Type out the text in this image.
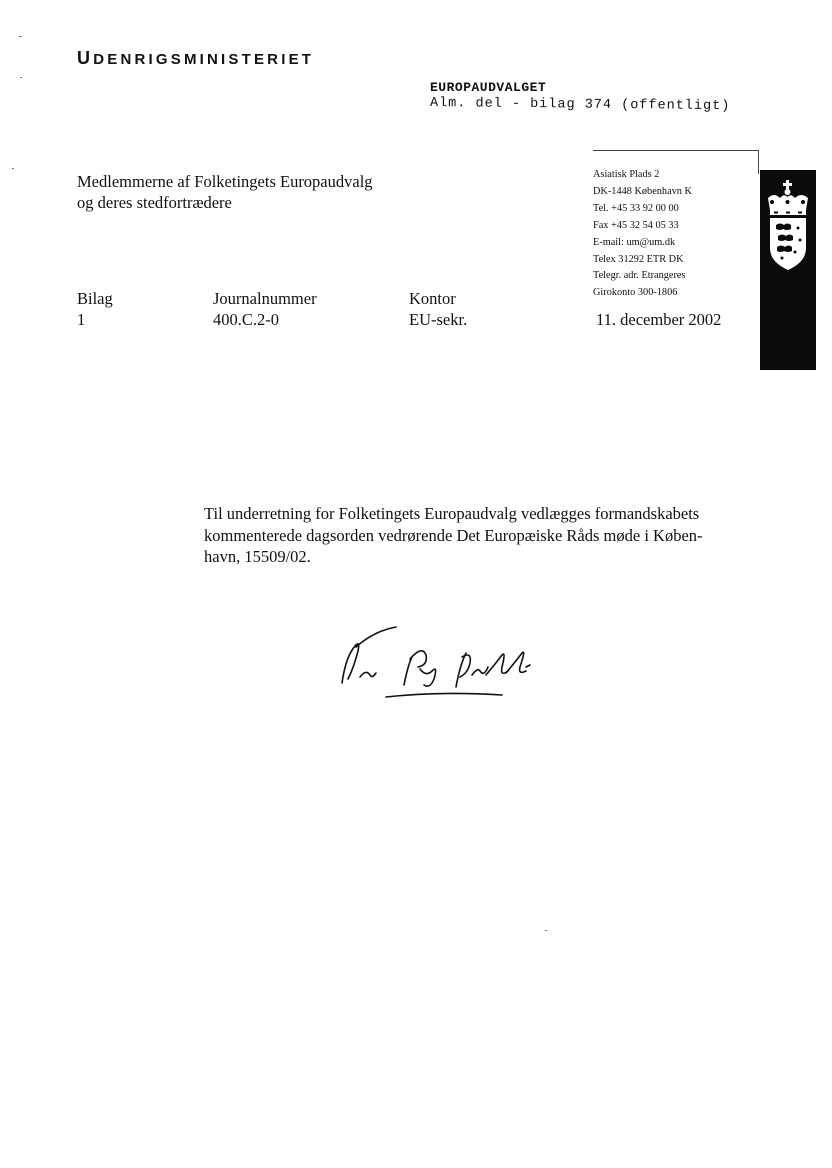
UDENRIGSMINISTERIET
EUROPAUDVALGET
Alm. del - bilag 374 (offentligt)
Medlemmerne af Folketingets Europaudvalg
og deres stedfortrædere
Asiatisk Plads 2
DK-1448 København K
Tel. +45 33 92 00 00
Fax +45 32 54 05 33
E-mail: um@um.dk
Telex 31292 ETR DK
Telegr. adr. Etrangeres
Girokonto 300-1806
Bilag
1
Journalnummer
400.C.2-0
Kontor
EU-sekr.	11. december 2002
Til underretning for Folketingets Europaudvalg vedlægges formandskabets
kommenterede dagsorden vedrørende Det Europæiske Råds møde i Køben-
havn, 15509/02.
